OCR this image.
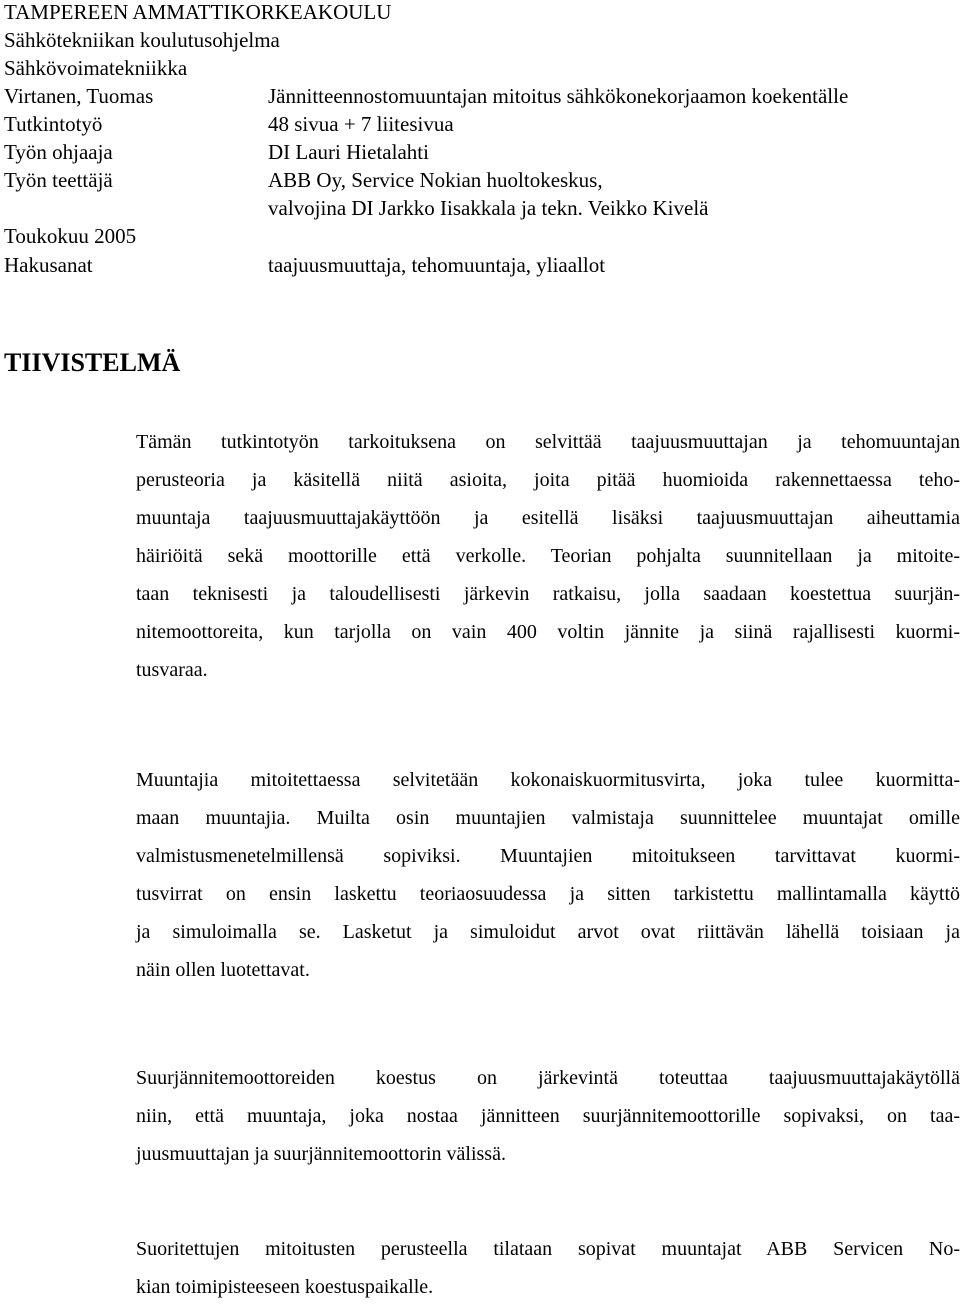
TAMPEREEN AMMATTIKORKEAKOULU
Sähkötekniikan koulutusohjelma
Sähkövoimatekniikka
Virtanen, Tuomas	Jännitteennostomuuntajan mitoitus sähkökonekorjaamon koekentälle
Tutkintotyö	48 sivua + 7 liitesivua
Työn ohjaaja	DI Lauri Hietalahti
Työn teettäjä	ABB Oy, Service Nokian huoltokeskus,
valvojina DI Jarkko Iisakkala ja tekn. Veikko Kivelä
Toukokuu 2005
Hakusanat	taajuusmuuttaja, tehomuuntaja, yliaallot
TIIVISTELMÄ
Tämän tutkintotyön tarkoituksena on selvittää taajuusmuuttajan ja tehomuuntajan
perusteoria ja käsitellä niitä asioita, joita pitää huomioida rakennettaessa teho-
muuntaja taajuusmuuttajakäyttöön ja esitellä lisäksi taajuusmuuttajan aiheuttamia
häiriöitä sekä moottorille että verkolle. Teorian pohjalta suunnitellaan ja mitoite-
taan teknisesti ja taloudellisesti järkevin ratkaisu, jolla saadaan koestettua suurjän-
nitemoottoreita, kun tarjolla on vain 400 voltin jännite ja siinä rajallisesti kuormi-
tusvaraa.
Muuntajia mitoitettaessa selvitetään kokonaiskuormitusvirta, joka tulee kuormitta-
maan muuntajia. Muilta osin muuntajien valmistaja suunnittelee muuntajat omille
valmistusmenetelmillensä sopiviksi. Muuntajien mitoitukseen tarvittavat kuormi-
tusvirrat on ensin laskettu teoriaosuudessa ja sitten tarkistettu mallintamalla käyttö
ja simuloimalla se. Lasketut ja simuloidut arvot ovat riittävän lähellä toisiaan ja
näin ollen luotettavat.
Suurjännitemoottoreiden koestus on järkevintä toteuttaa taajuusmuuttajakäytöllä
niin, että muuntaja, joka nostaa jännitteen suurjännitemoottorille sopivaksi, on taa-
juusmuuttajan ja suurjännitemoottorin välissä.
Suoritettujen mitoitusten perusteella tilataan sopivat muuntajat ABB Servicen No-
kian toimipisteeseen koestuspaikalle.
